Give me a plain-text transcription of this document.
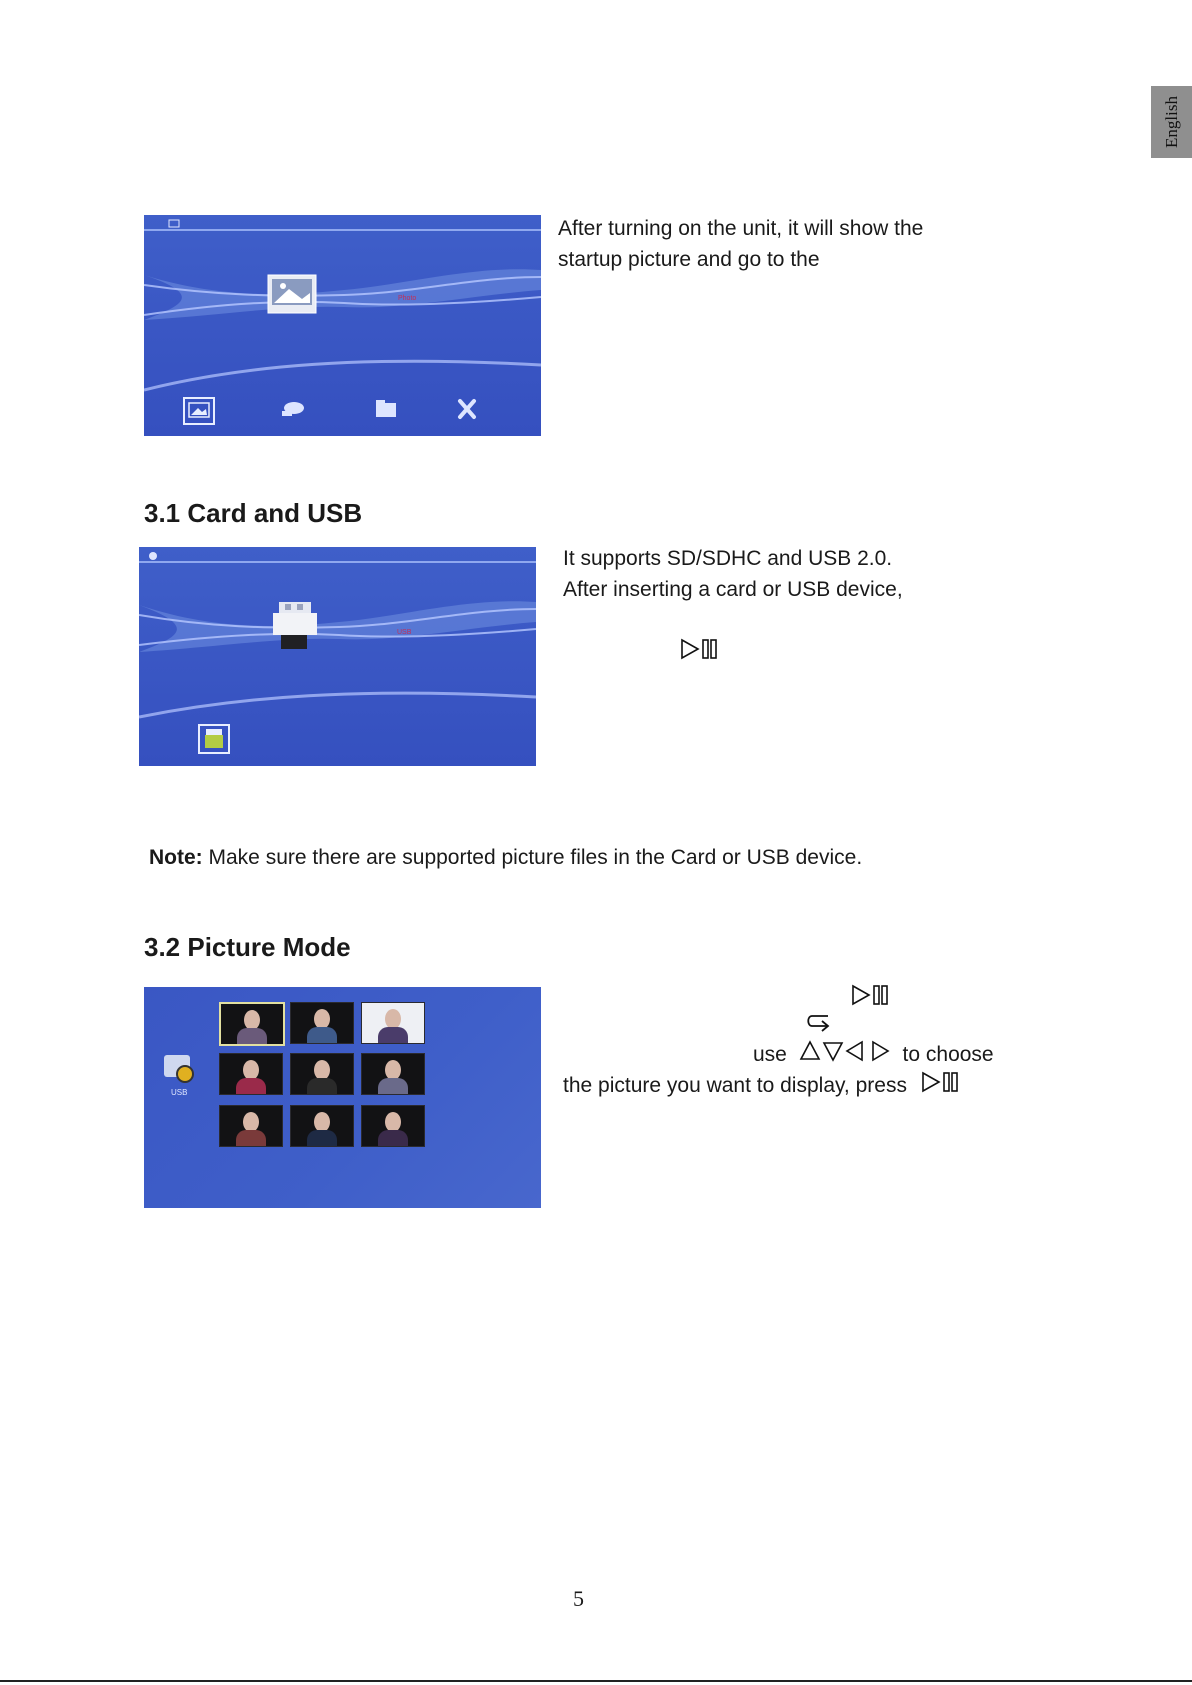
English
Photo
After turning on the unit, it will show the
startup picture and go to the
3.1 Card and USB
USB
It supports SD/SDHC and USB 2.0.
After inserting a card or USB device,
Note: Make sure there are supported picture files in the Card or USB device.
3.2 Picture Mode
USB
use	to choose
the picture you want to display, press
5
